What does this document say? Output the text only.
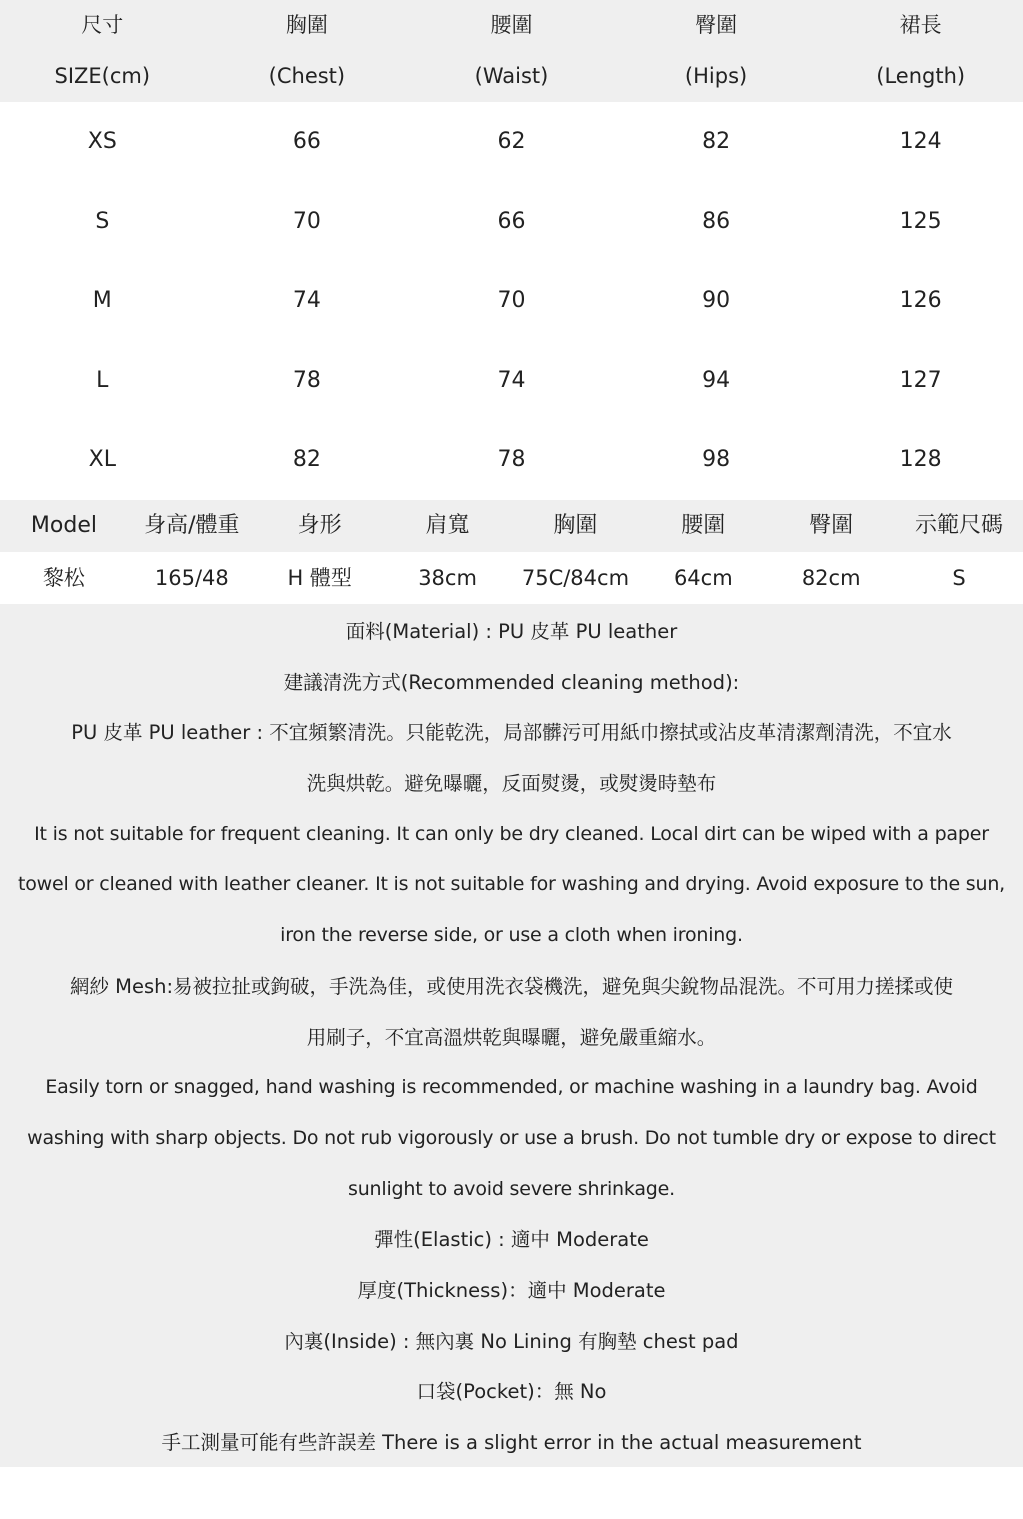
尺寸	胸圍	腰圍	臀圍	裙長
SIZE(cm)	(Chest)	(Waist)	(Hips)	(Length)
XS	66	62	82	124
S	70	66	86	125
M	74	70	90	126
L	78	74	94	127
XL	82	78	98	128
Model	身高/體重	身形	肩寬	胸圍	腰圍	臀圍	示範尺碼
黎松	165/48	H 體型	38cm	75C/84cm	64cm	82cm	S
面料(Material) : PU 皮革 PU leather
建議清洗方式(Recommended cleaning method):
PU 皮革 PU leather : 不宜頻繁清洗。只能乾洗，局部髒污可用紙巾擦拭或沾皮革清潔劑清洗，不宜水
洗與烘乾。避免曝曬，反面熨燙，或熨燙時墊布
It is not suitable for frequent cleaning. It can only be dry cleaned. Local dirt can be wiped with a paper
towel or cleaned with leather cleaner. It is not suitable for washing and drying. Avoid exposure to the sun,
iron the reverse side, or use a cloth when ironing.
網紗 Mesh:易被拉扯或鉤破，手洗為佳，或使用洗衣袋機洗，避免與尖銳物品混洗。不可用力搓揉或使
用刷子，不宜高溫烘乾與曝曬，避免嚴重縮水。
Easily torn or snagged, hand washing is recommended, or machine washing in a laundry bag. Avoid
washing with sharp objects. Do not rub vigorously or use a brush. Do not tumble dry or expose to direct
sunlight to avoid severe shrinkage.
彈性(Elastic) : 適中 Moderate
厚度(Thickness)：適中 Moderate
內裏(Inside) : 無內裏 No Lining 有胸墊 chest pad
口袋(Pocket)：無 No
手工測量可能有些許誤差 There is a slight error in the actual measurement
